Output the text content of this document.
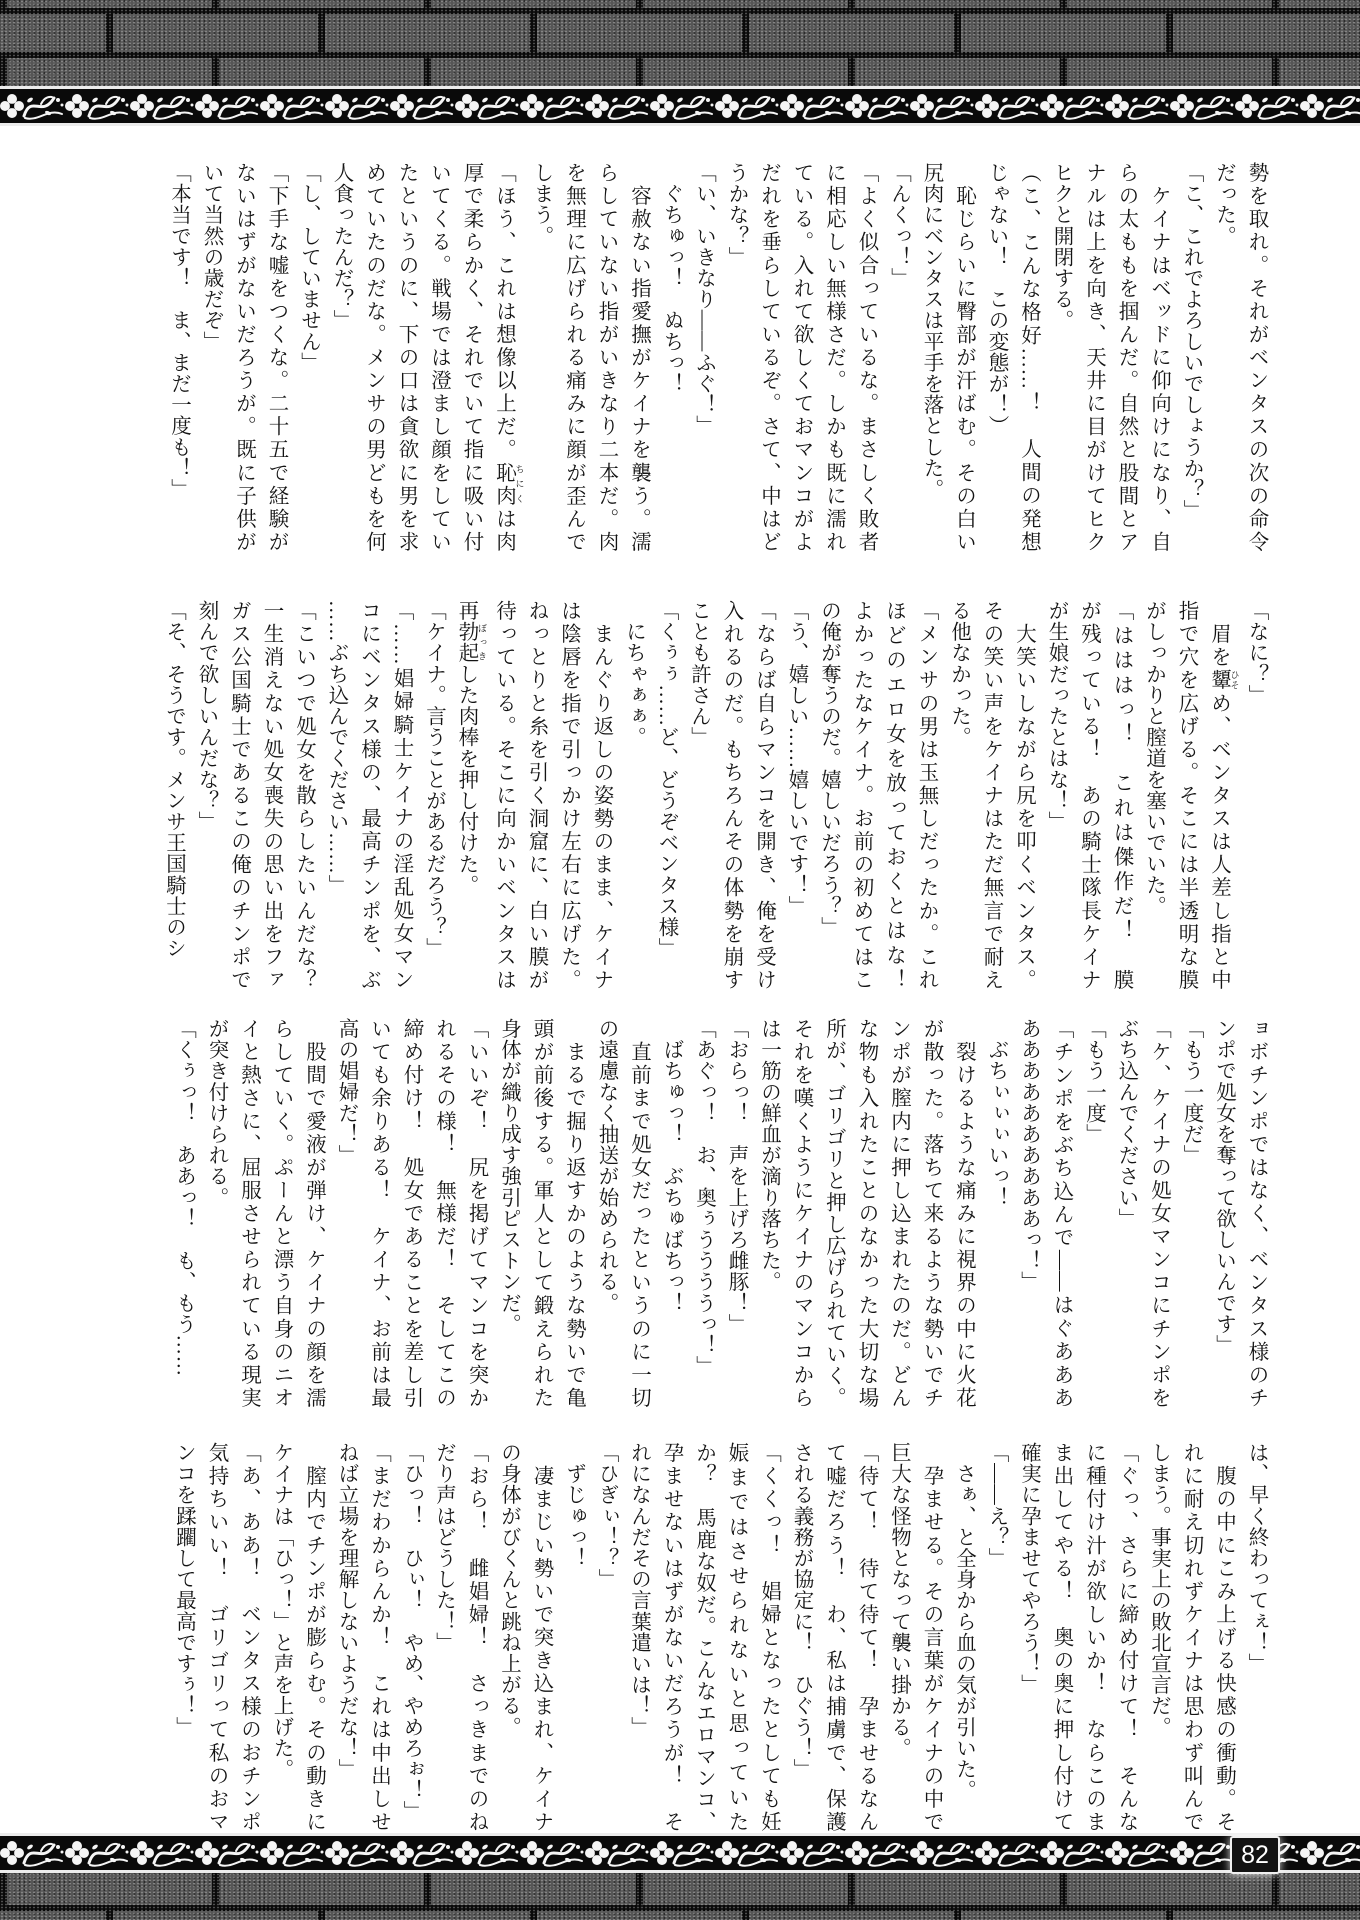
勢を取れ。それがベンタスの次の命令
だった。
「こ、これでよろしいでしょうか？」
　ケイナはベッドに仰向けになり、自
らの太ももを掴んだ。自然と股間とア
ナルは上を向き、天井に目がけてヒク
ヒクと開閉する。
（こ、こんな格好……！　人間の発想
じゃない！　この変態が！）
　恥じらいに臀部が汗ばむ。その白い
尻肉にベンタスは平手を落とした。
「んくっ！」
「よく似合っているな。まさしく敗者
に相応しい無様さだ。しかも既に濡れ
ている。入れて欲しくておマンコがよ
だれを垂らしているぞ。さて、中はど
うかな？」
「い、いきなり――ふぐ！」
　ぐちゅっ！　ぬちっ！
　容赦ない指愛撫がケイナを襲う。濡
らしていない指がいきなり二本だ。肉
を無理に広げられる痛みに顔が歪んで
しまう。
「ほう、これは想像以上だ。恥肉 ちにくは肉
厚で柔らかく、それでいて指に吸い付
いてくる。戦場では澄まし顔をしてい
たというのに、下の口は貪欲に男を求
めていたのだな。メンサの男どもを何
人食ったんだ？」
「し、していません」
「下手な嘘をつくな。二十五で経験が
ないはずがないだろうが。既に子供が
いて当然の歳だぞ」
「本当です！　ま、まだ一度も！」
「なに？」
　眉を顰 ひそめ、ベンタスは人差し指と中
指で穴を広げる。そこには半透明な膜
がしっかりと膣道を塞いでいた。
「はははっ！　これは傑作だ！　膜
が残っている！　あの騎士隊長ケイナ
が生娘だったとはな！」
　大笑いしながら尻を叩くベンタス。
その笑い声をケイナはただ無言で耐え
る他なかった。
「メンサの男は玉無しだったか。これ
ほどのエロ女を放っておくとはな！
よかったなケイナ。お前の初めてはこ
の俺が奪うのだ。嬉しいだろう？」
「う、嬉しい……嬉しいです！」
「ならば自らマンコを開き、俺を受け
入れるのだ。もちろんその体勢を崩す
ことも許さん」
「くぅぅ……ど、どうぞベンタス様」
　にちゃぁぁ。
　まんぐり返しの姿勢のまま、ケイナ
は陰唇を指で引っかけ左右に広げた。
ねっとりと糸を引く洞窟に、白い膜が
待っている。そこに向かいベンタスは
再勃起 ぼっきした肉棒を押し付けた。
「ケイナ。言うことがあるだろう？」
「……娼婦騎士ケイナの淫乱処女マン
コにベンタス様の、最高チンポを、ぶ
……ぶち込んでください……」
「こいつで処女を散らしたいんだな？
一生消えない処女喪失の思い出をファ
ガス公国騎士であるこの俺のチンポで
刻んで欲しいんだな？」
「そ、そうです。メンサ王国騎士のシ
ョボチンポではなく、ベンタス様のチ
ンポで処女を奪って欲しいんです」
「もう一度だ」
「ケ、ケイナの処女マンコにチンポを
ぶち込んでください」
「もう一度」
「チンポをぶち込んで――はぐあああ
ああああああああああっ！」
　ぶちぃぃぃいっ！
　裂けるような痛みに視界の中に火花
が散った。落ちて来るような勢いでチ
ンポが膣内に押し込まれたのだ。どん
な物も入れたことのなかった大切な場
所が、ゴリゴリと押し広げられていく。
それを嘆くようにケイナのマンコから
は一筋の鮮血が滴り落ちた。
「おらっ！　声を上げろ雌豚！」
「あぐっ！　お、奥ぅううううっ！」
　ばちゅっ！　ぶちゅばちっ！
　直前まで処女だったというのに一切
の遠慮なく抽送が始められる。
　まるで掘り返すかのような勢いで亀
頭が前後する。軍人として鍛えられた
身体が織り成す強引ピストンだ。
「いいぞ！　尻を掲げてマンコを突か
れるその様！　無様だ！　そしてこの
締め付け！　処女であることを差し引
いても余りある！　ケイナ、お前は最
高の娼婦だ！」
　股間で愛液が弾け、ケイナの顔を濡
らしていく。ぷーんと漂う自身のニオ
イと熱さに、屈服させられている現実
が突き付けられる。
「くぅっ！　ああっ！　も、もう……
は、早く終わってぇ！」
　腹の中にこみ上げる快感の衝動。そ
れに耐え切れずケイナは思わず叫んで
しまう。事実上の敗北宣言だ。
「ぐっ、さらに締め付けて！　そんな
に種付け汁が欲しいか！　ならこのま
ま出してやる！　奥の奥に押し付けて
確実に孕ませてやろう！」
「――え？」
　さぁ、と全身から血の気が引いた。
　孕ませる。その言葉がケイナの中で
巨大な怪物となって襲い掛かる。
「待て！　待て待て！　孕ませるなん
て嘘だろう！　わ、私は捕虜で、保護
される義務が協定に！　ひぐう！」
「くくっ！　娼婦となったとしても妊
娠まではさせられないと思っていた
か？　馬鹿な奴だ。こんなエロマンコ、
孕ませないはずがないだろうが！　そ
れになんだその言葉遣いは！」
「ひぎぃ！？」
　ずじゅっ！
　凄まじい勢いで突き込まれ、ケイナ
の身体がびくんと跳ね上がる。
「おら！　雌娼婦！　さっきまでのね
だり声はどうした！」
「ひっ！　ひぃ！　やめ、やめろぉ！」
「まだわからんか！　これは中出しせ
ねば立場を理解しないようだな！」
　膣内でチンポが膨らむ。その動きに
ケイナは「ひっ！」と声を上げた。
「あ、ああ！　ベンタス様のおチンポ
気持ちいい！　ゴリゴリって私のおマ
ンコを蹂躙して最高ですぅ！」
82
